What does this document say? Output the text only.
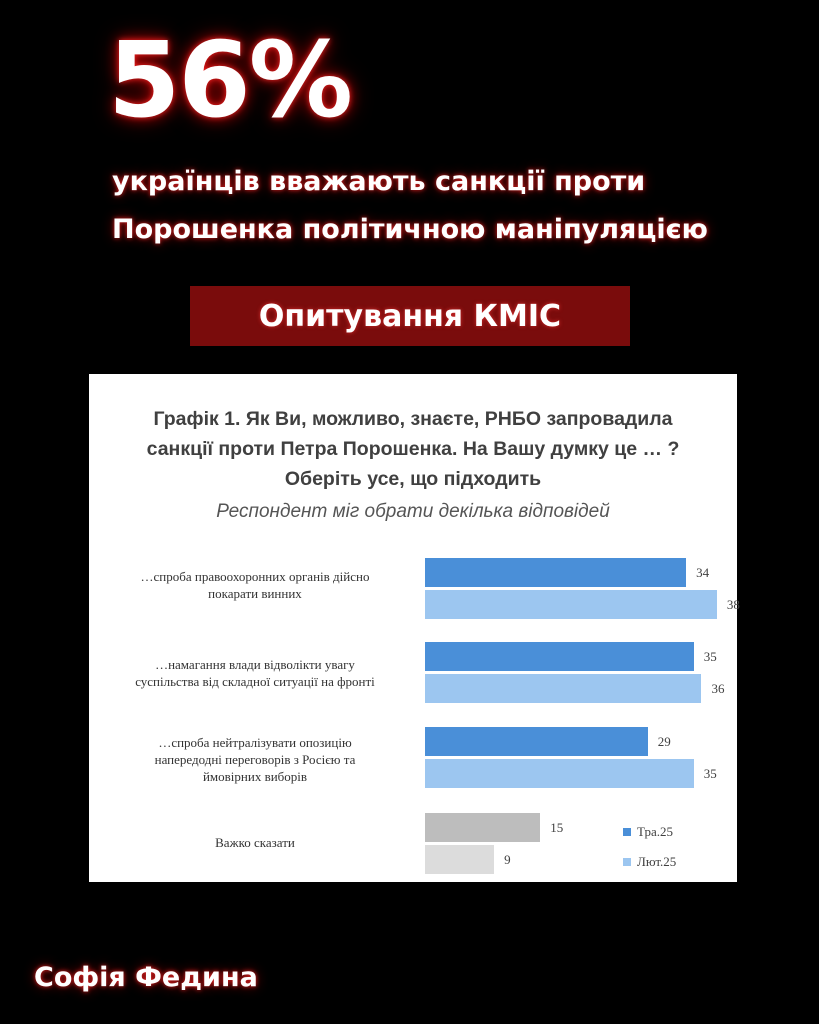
56%
українців вважають санкції проти
Порошенка політичною маніпуляцією
Опитування КМІС
Графік 1. Як Ви, можливо, знаєте, РНБО запровадила
санкції проти Петра Порошенка. На Вашу думку це … ?
Оберіть усе, що підходить
Респондент міг обрати декілька відповідей
…спроба правоохоронних органів дійсно
покарати винних
34
38
…намагання влади відволікти увагу
суспільства від складної ситуації на фронті
35
36
…спроба нейтралізувати опозицію
напередодні переговорів з Росією та
ймовірних виборів
29
35
Важко сказати
15
9
Тра.25
Лют.25
Софія Федина
